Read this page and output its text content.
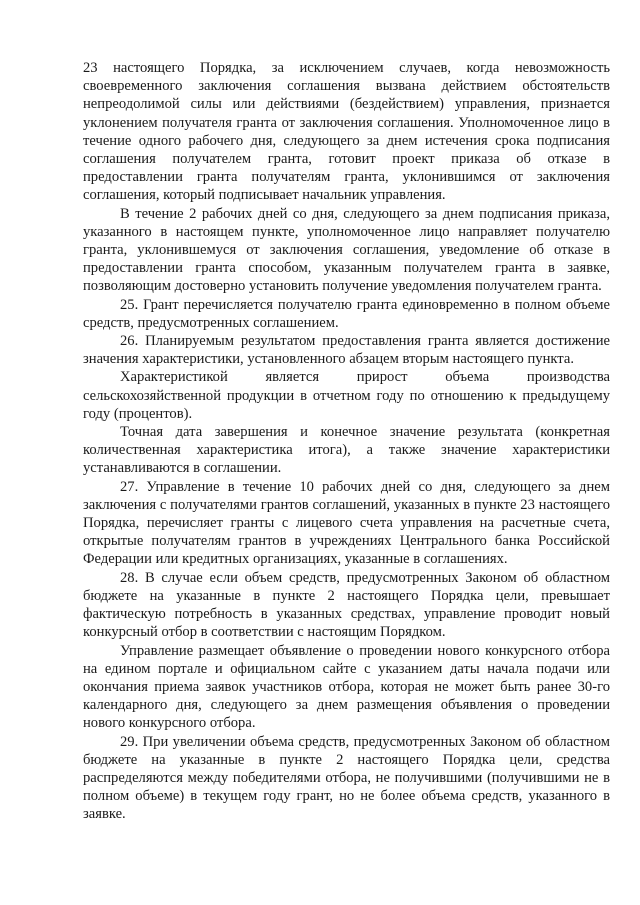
23 настоящего Порядка, за исключением случаев, когда невозможность своевременного заключения соглашения вызвана действием обстоятельств непреодолимой силы или действиями (бездействием) управления, признается уклонением получателя гранта от заключения соглашения. Уполномоченное лицо в течение одного рабочего дня, следующего за днем истечения срока подписания соглашения получателем гранта, готовит проект приказа об отказе в предоставлении гранта получателям гранта, уклонившимся от заключения соглашения, который подписывает начальник управления.

В течение 2 рабочих дней со дня, следующего за днем подписания приказа, указанного в настоящем пункте, уполномоченное лицо направляет получателю гранта, уклонившемуся от заключения соглашения, уведомление об отказе в предоставлении гранта способом, указанным получателем гранта в заявке, позволяющим достоверно установить получение уведомления получателем гранта.

25. Грант перечисляется получателю гранта единовременно в полном объеме средств, предусмотренных соглашением.

26. Планируемым результатом предоставления гранта является достижение значения характеристики, установленного абзацем вторым настоящего пункта.

Характеристикой является прирост объема производства сельскохозяйственной продукции в отчетном году по отношению к предыдущему году (процентов).

Точная дата завершения и конечное значение результата (конкретная количественная характеристика итога), а также значение характеристики устанавливаются в соглашении.

27. Управление в течение 10 рабочих дней со дня, следующего за днем заключения с получателями грантов соглашений, указанных в пункте 23 настоящего Порядка, перечисляет гранты с лицевого счета управления на расчетные счета, открытые получателям грантов в учреждениях Центрального банка Российской Федерации или кредитных организациях, указанные в соглашениях.

28. В случае если объем средств, предусмотренных Законом об областном бюджете на указанные в пункте 2 настоящего Порядка цели, превышает фактическую потребность в указанных средствах, управление проводит новый конкурсный отбор в соответствии с настоящим Порядком.

Управление размещает объявление о проведении нового конкурсного отбора на едином портале и официальном сайте с указанием даты начала подачи или окончания приема заявок участников отбора, которая не может быть ранее 30-го календарного дня, следующего за днем размещения объявления о проведении нового конкурсного отбора.

29. При увеличении объема средств, предусмотренных Законом об областном бюджете на указанные в пункте 2 настоящего Порядка цели, средства распределяются между победителями отбора, не получившими (получившими не в полном объеме) в текущем году грант, но не более объема средств, указанного в заявке.
